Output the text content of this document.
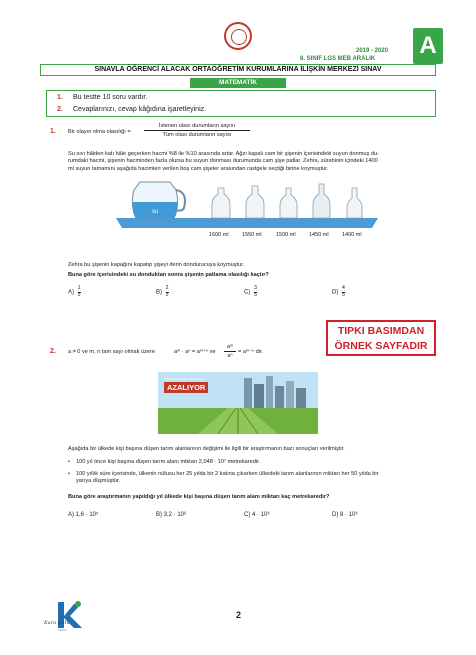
2019 - 2020
8. SINIF LGS MEB ARALIK A
SINAVLA ÖĞRENCİ ALACAK ORTAÖĞRETİM KURUMLARINA İLİŞKİN MERKEZİ SINAV
MATEMATİK
1. Bu testte 10 soru vardır.
2. Cevaplarınızı, cevap kâğıdına işaretleyiniz.
1. Bir olayın olma olasılığı =
İstenen olası durumların sayısı
Tüm olası durumların sayısı
Su sıvı hâlden katı hâle geçerken hacmi %8 ile %10 arasında artar. Ağzı kapalı cam bir şişenin içerisindeki suyun donmuş du-
rumdaki hacmi, şişenin hacminden fazla olursa bu suyun donması durumunda cam şişe patlar. Zehra, sürahinin içindeki 1400
ml suyun tamamını aşağıda hacimleri verilen boş cam şişeler arasından rastgele seçtiği birine koymuştur.
su
1600 ml 1550 ml	1500 ml 1450 ml 1400 ml
Zehra bu şişenin kapağını kapatıp şişeyi derin dondurucuya koymuştur.
Buna göre içerisindeki su donduktan sonra şişenin patlama olasılığı kaçtır?
$A) \frac{1}{5}$	$B) \frac{2}{5}$	$C) \frac{3}{5}$	$D) \frac{4}{5}$
TIPKI BASIMDAN
ÖRNEK SAYFADIR
2. a ≠ 0 ve m, n tam sayı olmak üzere	aᵐ · aⁿ = aᵐ⁺ⁿ ve
aᵐ
aⁿ
= aᵐ⁻ⁿ dir.
Kişi Başına Düşen Tarım Alanı
AZALIYOR
Aşağıda bir ülkede kişi başına düşen tarım alanlarının değişimi ile ilgili bir araştırmanın bazı sonuçları verilmiştir.
• 100 yıl önce kişi başına düşen tarım alanı miktarı 2,048 · 10⁷ metrekaredir.
• 100 yıllık süre içerisinde, ülkenin nüfusu her 25 yılda bir 2 katına çıkarken ülkedeki tarım alanlarının miktarı her 50 yılda bir
yarıya düşmüştür.
Buna göre araştırmanın yapıldığı yıl ülkede kişi başına düşen tarım alanı miktarı kaç metrekaredir?
A) 1,6 · 10⁵	B) 3,2 · 10⁶	C) 4 · 10⁶	D) 8 · 10⁶
Kara Kutu
YAYIN
2
